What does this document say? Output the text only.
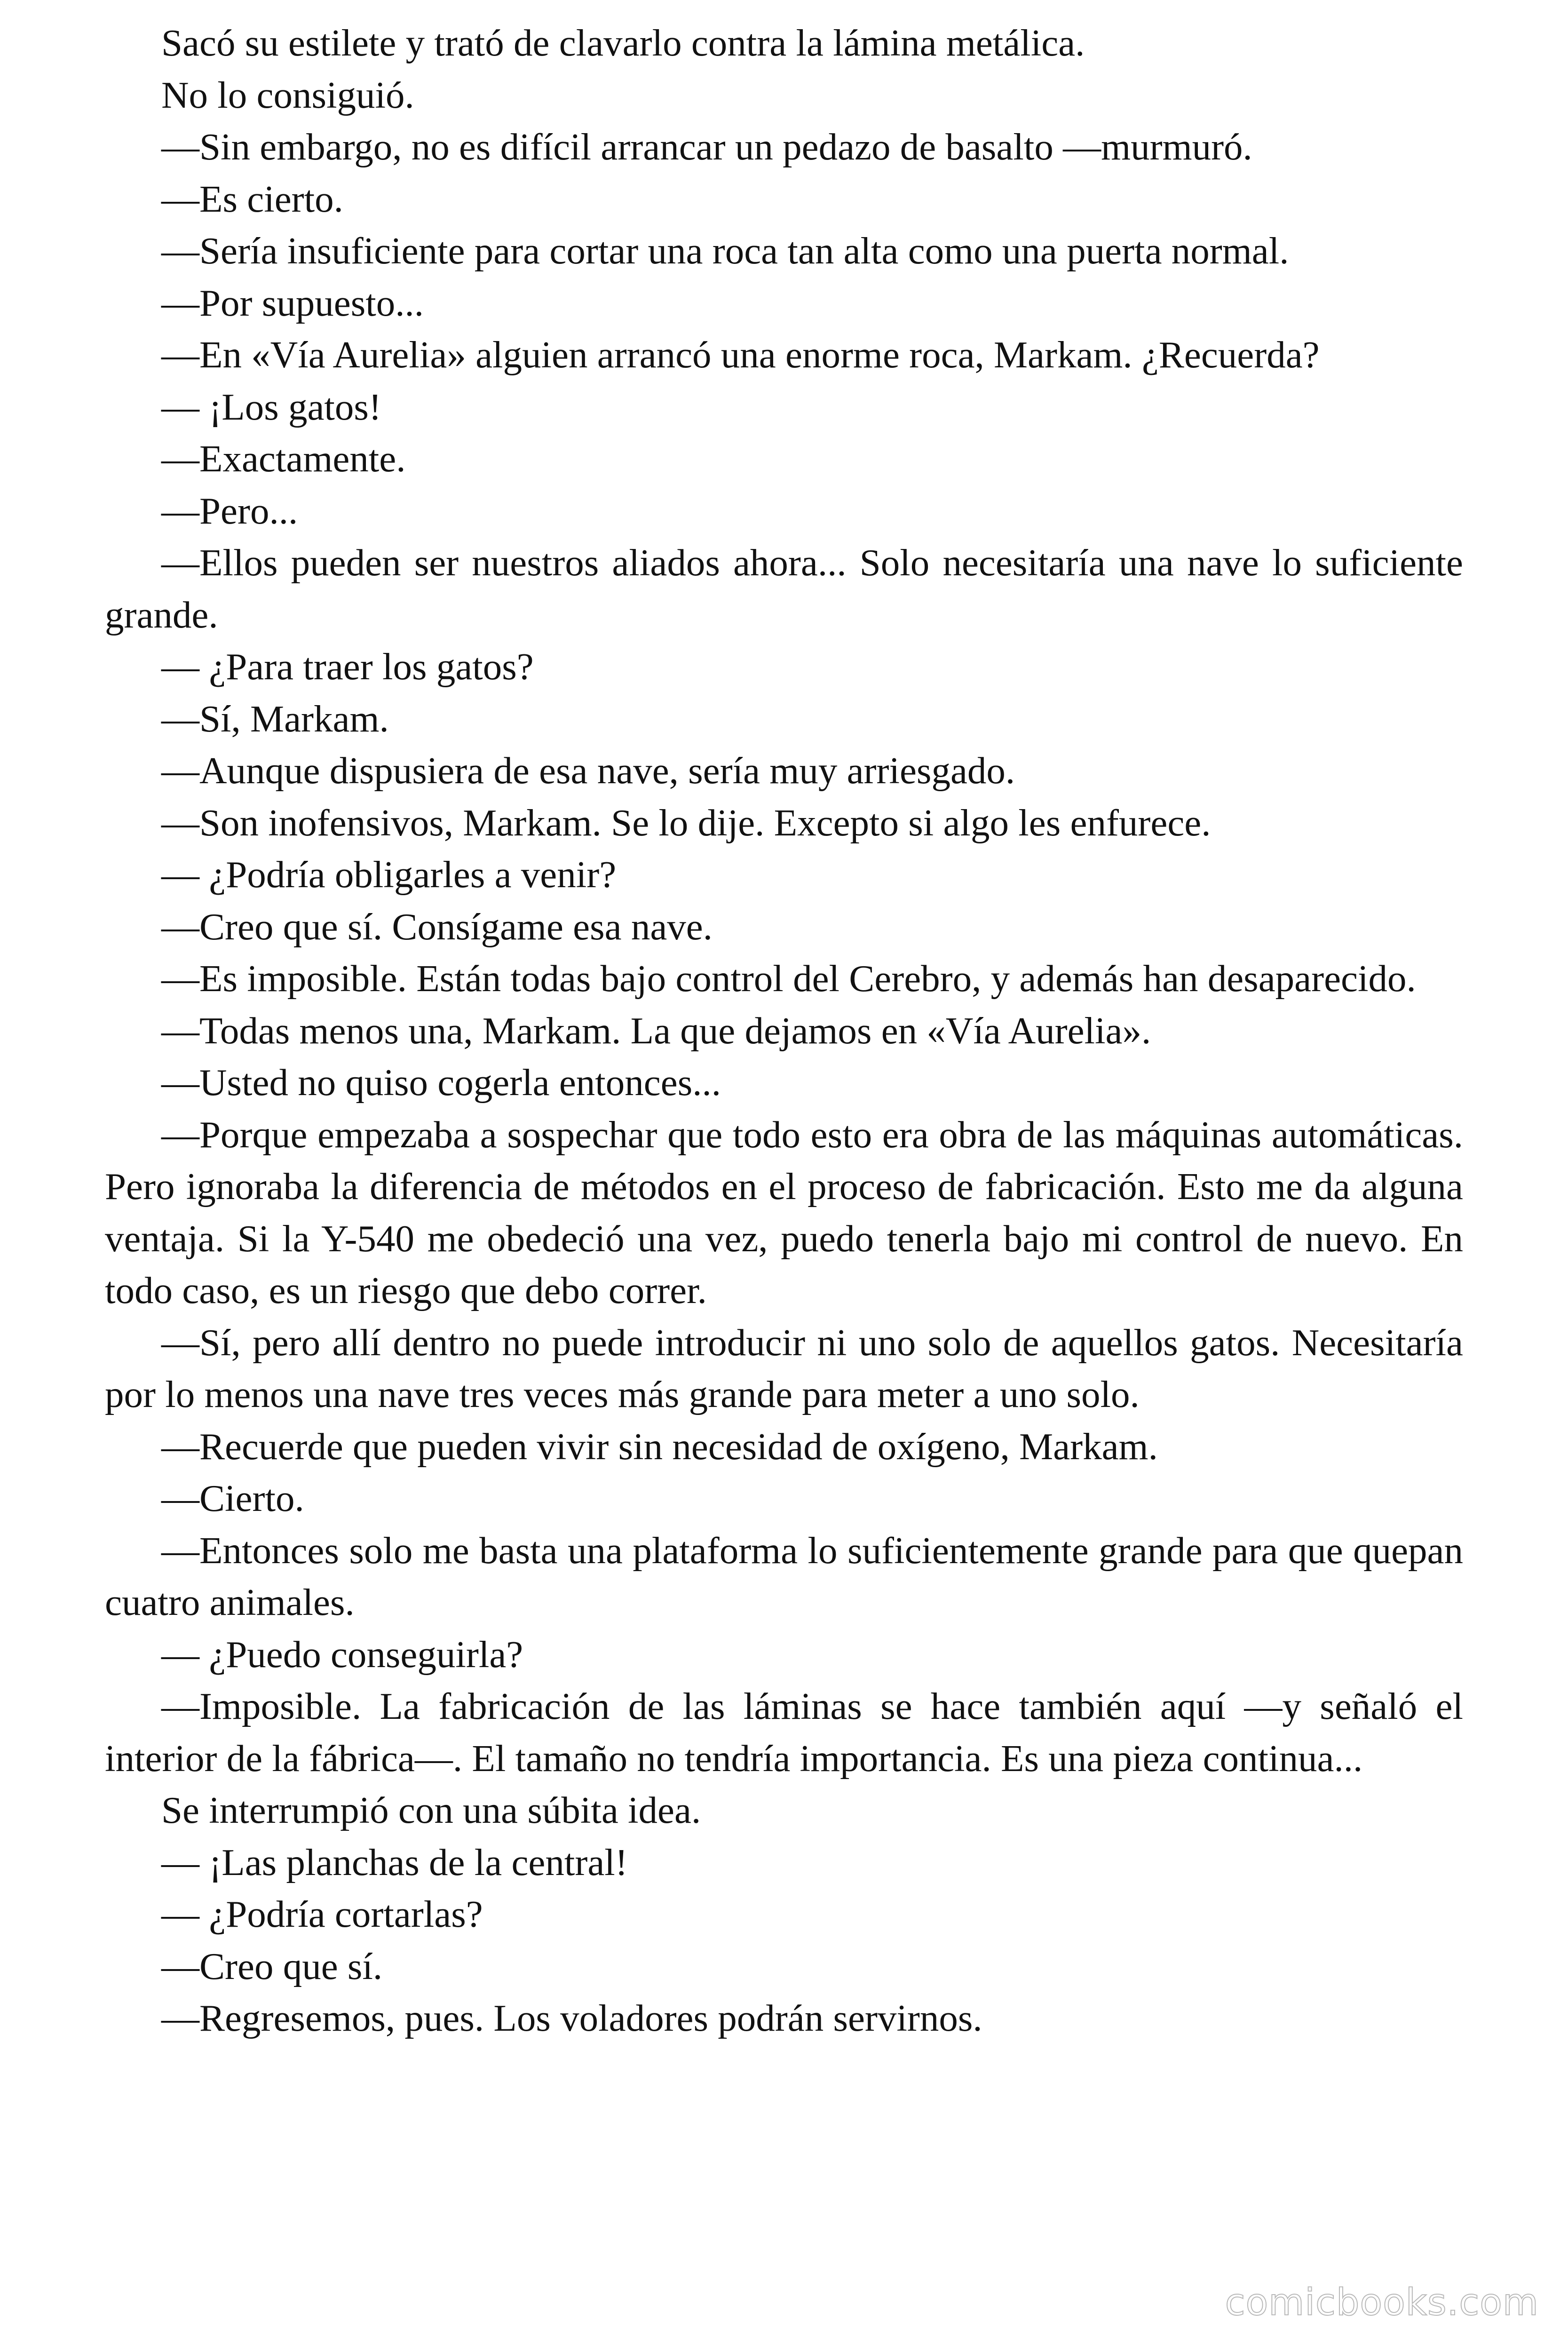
Sacó su estilete y trató de clavarlo contra la lámina metálica.

No lo consiguió.

—Sin embargo, no es difícil arrancar un pedazo de basalto —murmuró.

—Es cierto.

—Sería insuficiente para cortar una roca tan alta como una puerta normal.

—Por supuesto...

—En «Vía Aurelia» alguien arrancó una enorme roca, Markam. ¿Recuerda?

— ¡Los gatos!

—Exactamente.

—Pero...

—Ellos pueden ser nuestros aliados ahora... Solo necesitaría una nave lo suficiente grande.

— ¿Para traer los gatos?

—Sí, Markam.

—Aunque dispusiera de esa nave, sería muy arriesgado.

—Son inofensivos, Markam. Se lo dije. Excepto si algo les enfurece.

— ¿Podría obligarles a venir?

—Creo que sí. Consígame esa nave.

—Es imposible. Están todas bajo control del Cerebro, y además han desaparecido.

—Todas menos una, Markam. La que dejamos en «Vía Aurelia».

—Usted no quiso cogerla entonces...

—Porque empezaba a sospechar que todo esto era obra de las máquinas automáticas. Pero ignoraba la diferencia de métodos en el proceso de fabricación. Esto me da alguna ventaja. Si la Y-540 me obedeció una vez, puedo tenerla bajo mi control de nuevo. En todo caso, es un riesgo que debo correr.

—Sí, pero allí dentro no puede introducir ni uno solo de aquellos gatos. Necesitaría por lo menos una nave tres veces más grande para meter a uno solo.

—Recuerde que pueden vivir sin necesidad de oxígeno, Markam.

—Cierto.

—Entonces solo me basta una plataforma lo suficientemente grande para que quepan cuatro animales.

— ¿Puedo conseguirla?

—Imposible. La fabricación de las láminas se hace también aquí —y señaló el interior de la fábrica—. El tamaño no tendría importancia. Es una pieza continua...

Se interrumpió con una súbita idea.

— ¡Las planchas de la central!

— ¿Podría cortarlas?

—Creo que sí.

—Regresemos, pues. Los voladores podrán servirnos.

comicbooks.com
